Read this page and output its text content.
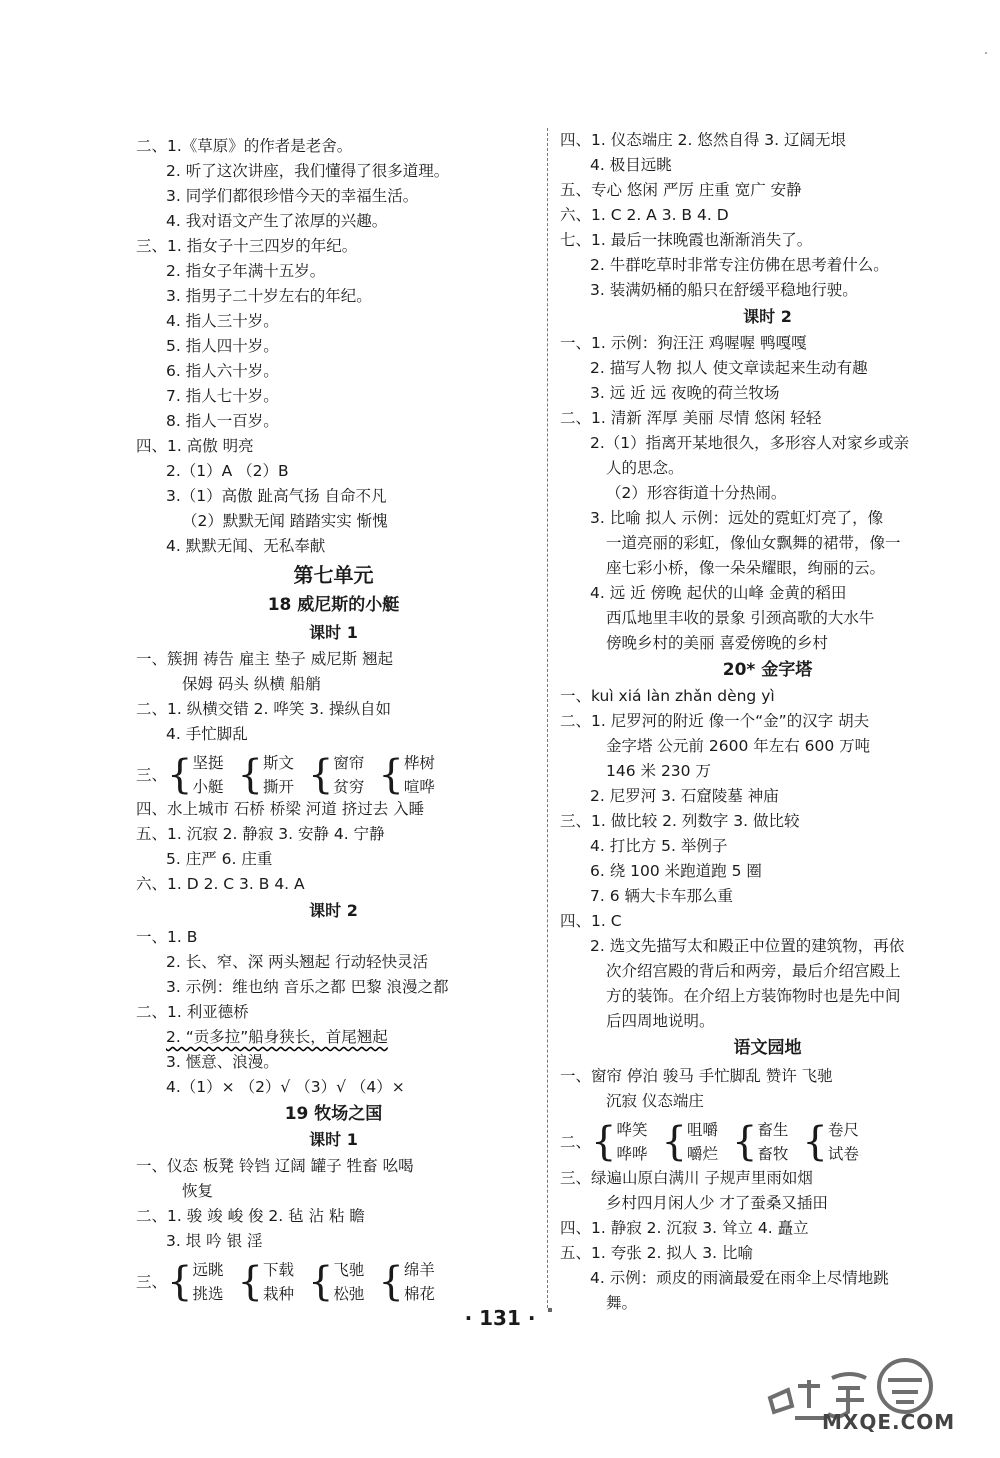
二、1.《草原》的作者是老舍。
2. 听了这次讲座，我们懂得了很多道理。
3. 同学们都很珍惜今天的幸福生活。
4. 我对语文产生了浓厚的兴趣。
三、1. 指女子十三四岁的年纪。
2. 指女子年满十五岁。
3. 指男子二十岁左右的年纪。
4. 指人三十岁。
5. 指人四十岁。
6. 指人六十岁。
7. 指人七十岁。
8. 指人一百岁。
四、1. 高傲 明亮
2.（1）A （2）B
3.（1）高傲 趾高气扬 自命不凡
（2）默默无闻 踏踏实实 惭愧
4. 默默无闻、无私奉献
第七单元
18 威尼斯的小艇
课时 1
一、簇拥 祷告 雇主 垫子 威尼斯 翘起
保姆 码头 纵横 船艄
二、1. 纵横交错 2. 哗笑 3. 操纵自如
4. 手忙脚乱
三、{ 坚挺
小艇 { 斯文
撕开 { 窗帘
贫穷 { 桦树
喧哗
四、水上城市 石桥 桥梁 河道 挤过去 入睡
五、1. 沉寂 2. 静寂 3. 安静 4. 宁静
5. 庄严 6. 庄重
六、1. D 2. C 3. B 4. A
课时 2
一、1. B
2. 长、窄、深 两头翘起 行动轻快灵活
3. 示例：维也纳 音乐之都 巴黎 浪漫之都
二、1. 利亚德桥
2. “贡多拉”船身狭长，首尾翘起
3. 惬意、浪漫。
4.（1）× （2）√ （3）√ （4）×
19 牧场之国
课时 1
一、仪态 板凳 铃铛 辽阔 罐子 牲畜 吆喝
恢复
二、1. 骏 竣 峻 俊 2. 毡 沾 粘 瞻
3. 垠 吟 银 淫
三、{ 远眺
挑选 { 下载
栽种 { 飞驰
松弛 { 绵羊
棉花
四、1. 仪态端庄 2. 悠然自得 3. 辽阔无垠
4. 极目远眺
五、专心 悠闲 严厉 庄重 宽广 安静
六、1. C 2. A 3. B 4. D
七、1. 最后一抹晚霞也渐渐消失了。
2. 牛群吃草时非常专注仿佛在思考着什么。
3. 装满奶桶的船只在舒缓平稳地行驶。
课时 2
一、1. 示例：狗汪汪 鸡喔喔 鸭嘎嘎
2. 描写人物 拟人 使文章读起来生动有趣
3. 远 近 远 夜晚的荷兰牧场
二、1. 清新 浑厚 美丽 尽情 悠闲 轻轻
2.（1）指离开某地很久，多形容人对家乡或亲
人的思念。
（2）形容街道十分热闹。
3. 比喻 拟人 示例：远处的霓虹灯亮了，像
一道亮丽的彩虹，像仙女飘舞的裙带，像一
座七彩小桥，像一朵朵耀眼，绚丽的云。
4. 远 近 傍晚 起伏的山峰 金黄的稻田
西瓜地里丰收的景象 引颈高歌的大水牛
傍晚乡村的美丽 喜爱傍晚的乡村
20* 金字塔
一、kuì xiá làn zhǎn dèng yì
二、1. 尼罗河的附近 像一个“金”的汉字 胡夫
金字塔 公元前 2600 年左右 600 万吨
146 米 230 万
2. 尼罗河 3. 石窟陵墓 神庙
三、1. 做比较 2. 列数字 3. 做比较
4. 打比方 5. 举例子
6. 绕 100 米跑道跑 5 圈
7. 6 辆大卡车那么重
四、1. C
2. 选文先描写太和殿正中位置的建筑物，再依
次介绍宫殿的背后和两旁，最后介绍宫殿上
方的装饰。在介绍上方装饰物时也是先中间
后四周地说明。
语文园地
一、窗帘 停泊 骏马 手忙脚乱 赞许 飞驰
沉寂 仪态端庄
二、{ 哗笑
哗哗 { 咀嚼
嚼烂 { 畜生
畜牧 { 卷尺
试卷
三、绿遍山原白满川 子规声里雨如烟
乡村四月闲人少 才了蚕桑又插田
四、1. 静寂 2. 沉寂 3. 耸立 4. 矗立
五、1. 夸张 2. 拟人 3. 比喻
4. 示例：顽皮的雨滴最爱在雨伞上尽情地跳
舞。
· 131 ·
MXQE.COM
